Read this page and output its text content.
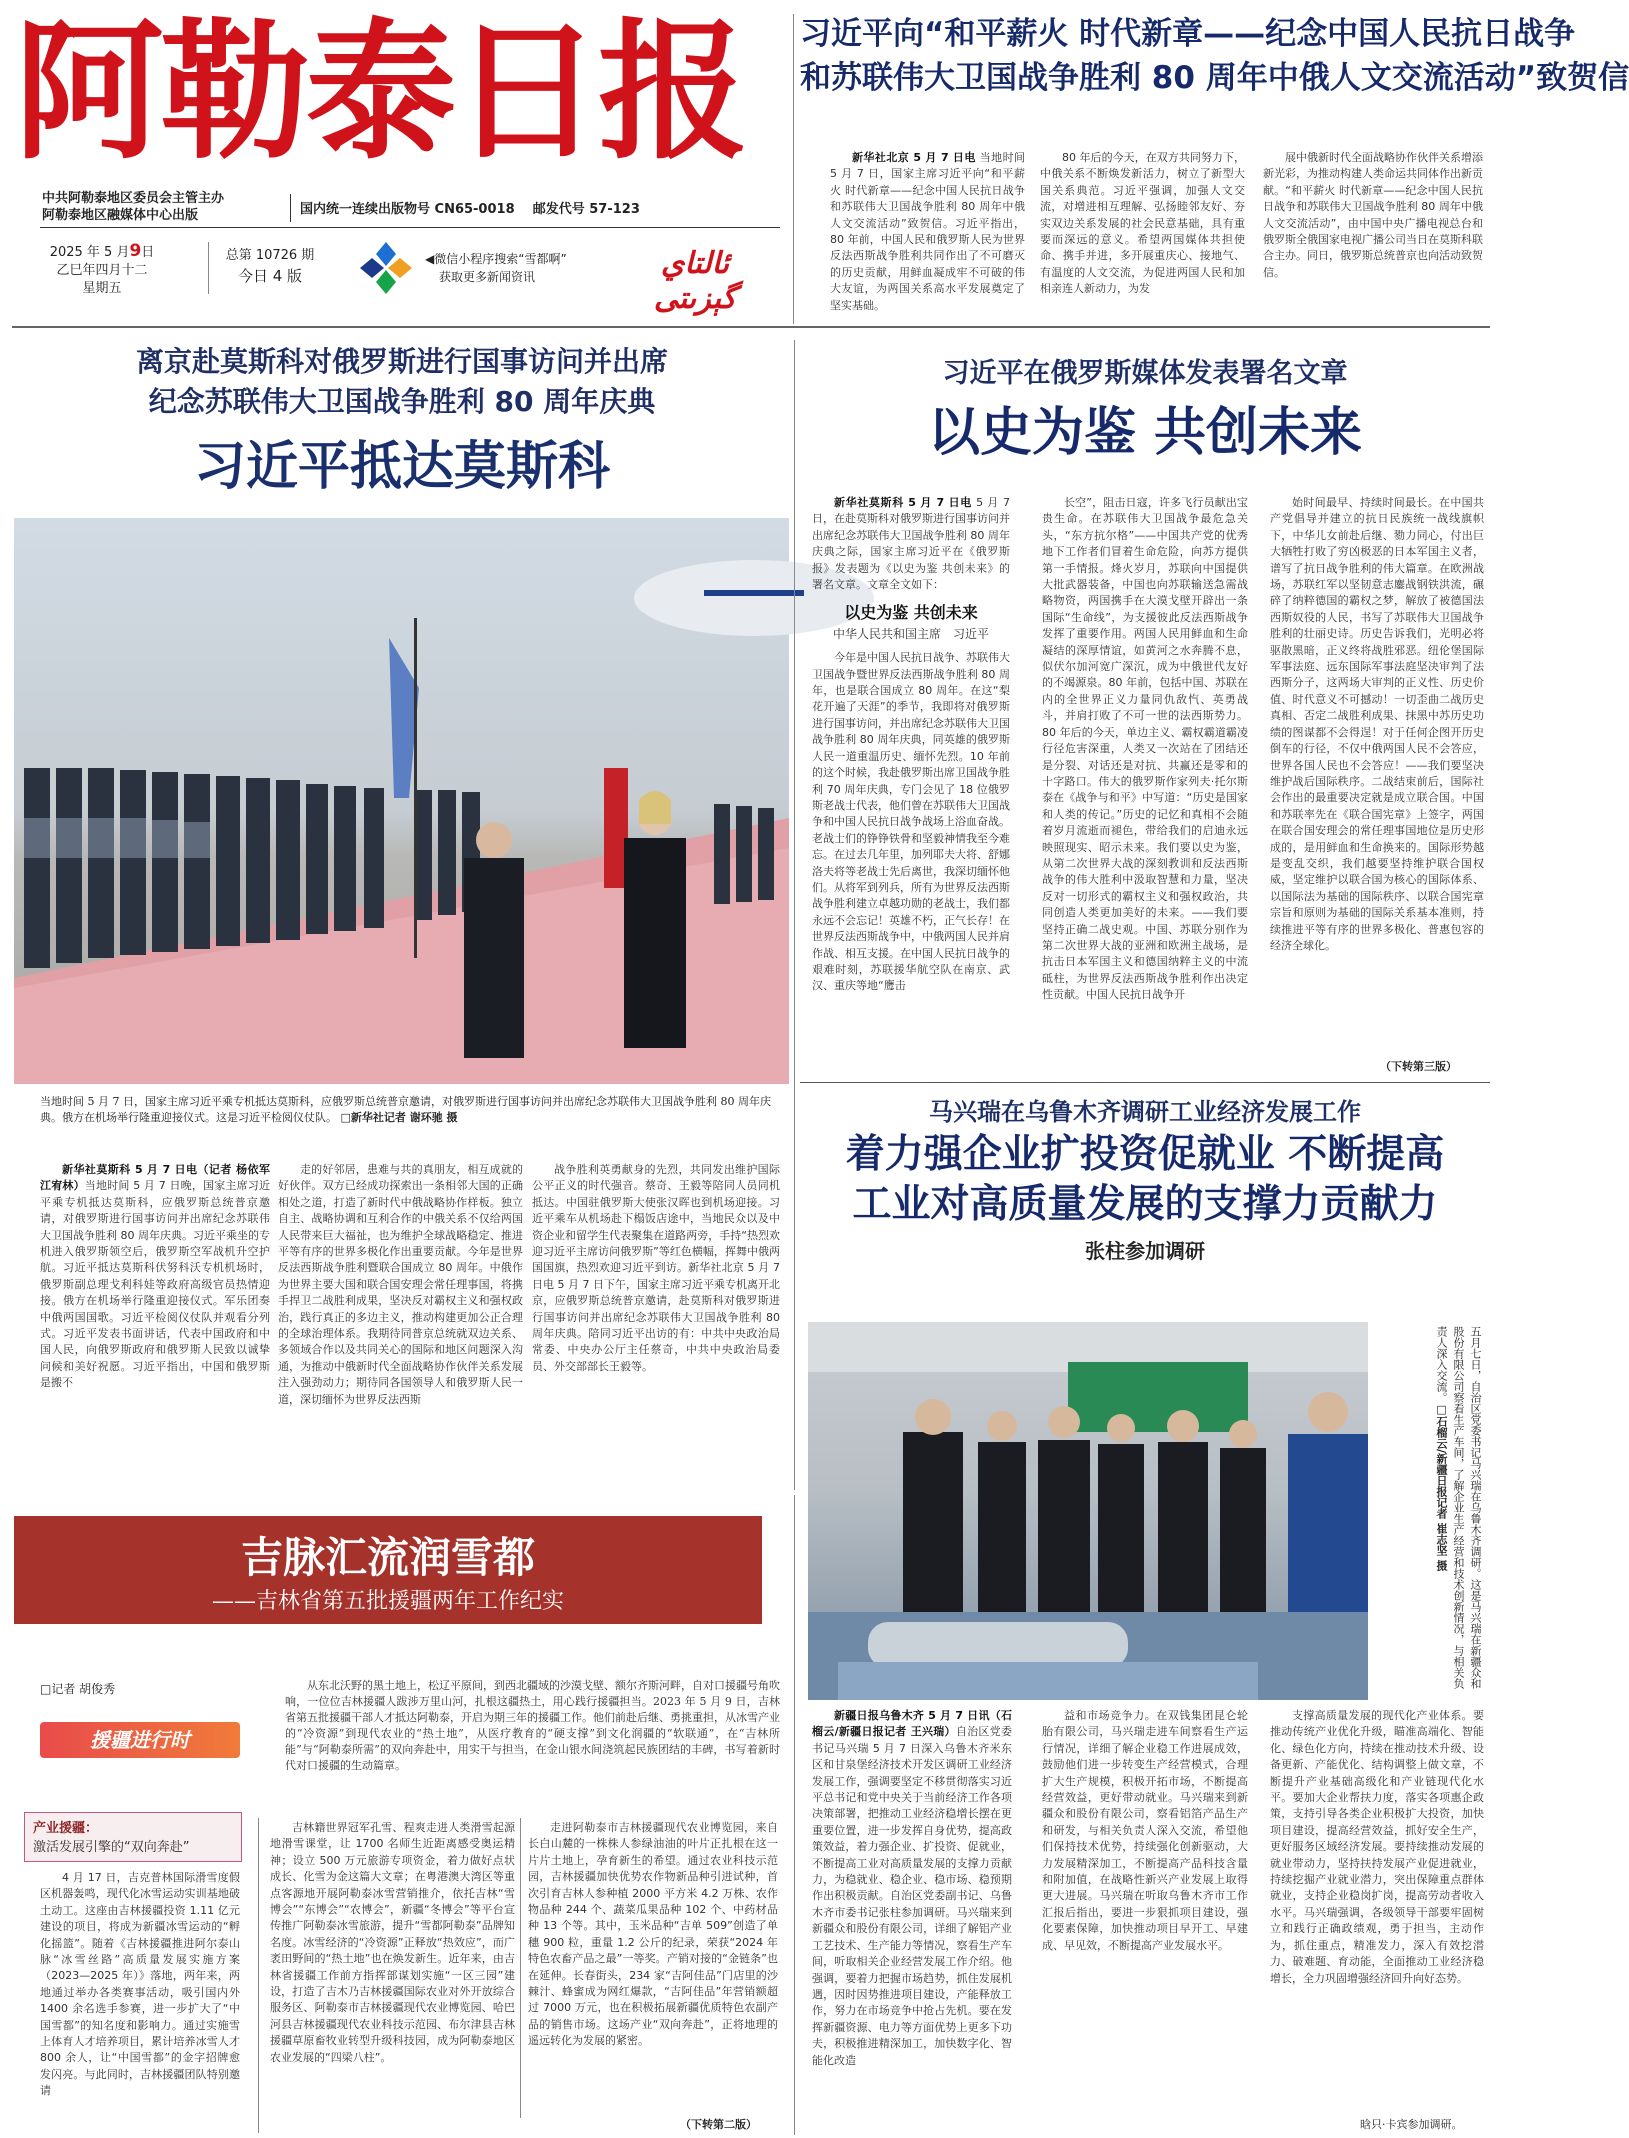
阿勒泰日报
中共阿勒泰地区委员会主管主办
阿勒泰地区融媒体中心出版	国内统一连续出版物号 CN65-0018 邮发代号 57-123
2025 年 5 月9日
乙巳年四月十二
星期五
总第 10726 期
今日 4 版
◀微信小程序搜索“雪都啊”
获取更多新闻资讯	ئالتاي گېزىتى
习近平向“和平薪火 时代新章——纪念中国人民抗日战争
和苏联伟大卫国战争胜利 80 周年中俄人文交流活动”致贺信

新华社北京 5 月 7 日电 当地时间 5 月 7 日，国家主席习近平向“和平薪火 时代新章——纪念中国人民抗日战争和苏联伟大卫国战争胜利 80 周年中俄人文交流活动”致贺信。习近平指出，80 年前，中国人民和俄罗斯人民为世界反法西斯战争胜利共同作出了不可磨灭的历史贡献，用鲜血凝成牢不可破的伟大友谊，为两国关系高水平发展奠定了坚实基础。

80 年后的今天，在双方共同努力下，中俄关系不断焕发新活力，树立了新型大国关系典范。习近平强调，加强人文交流，对增进相互理解、弘扬睦邻友好、夯实双边关系发展的社会民意基础，具有重要而深远的意义。希望两国媒体共担使命、携手并进，多开展重庆心、接地气、有温度的人文交流，为促进两国人民和加相亲连人新动力，为发

展中俄新时代全面战略协作伙伴关系增添新光彩，为推动构建人类命运共同体作出新贡献。“和平薪火 时代新章——纪念中国人民抗日战争和苏联伟大卫国战争胜利 80 周年中俄人文交流活动”，由中国中央广播电视总台和俄罗斯全俄国家电视广播公司当日在莫斯科联合主办。同日，俄罗斯总统普京也向活动致贺信。

离京赴莫斯科对俄罗斯进行国事访问并出席
纪念苏联伟大卫国战争胜利 80 周年庆典
习近平抵达莫斯科
当地时间 5 月 7 日，国家主席习近平乘专机抵达莫斯科，应俄罗斯总统普京邀请，对俄罗斯进行国事访问并出席纪念苏联伟大卫国战争胜利 80 周年庆典。俄方在机场举行隆重迎接仪式。这是习近平检阅仪仗队。 □新华社记者 谢环驰 摄

新华社莫斯科 5 月 7 日电（记者 杨依军 江宥林）当地时间 5 月 7 日晚，国家主席习近平乘专机抵达莫斯科，应俄罗斯总统普京邀请，对俄罗斯进行国事访问并出席纪念苏联伟大卫国战争胜利 80 周年庆典。习近平乘坐的专机进入俄罗斯领空后，俄罗斯空军战机升空护航。习近平抵达莫斯科伏努科沃专机机场时，俄罗斯副总理戈利科娃等政府高级官员热情迎接。俄方在机场举行隆重迎接仪式。军乐团奏中俄两国国歌。习近平检阅仪仗队并观看分列式。习近平发表书面讲话，代表中国政府和中国人民，向俄罗斯政府和俄罗斯人民致以诚挚问候和美好祝愿。习近平指出，中国和俄罗斯是搬不

走的好邻居，患难与共的真朋友，相互成就的好伙伴。双方已经成功探索出一条相邻大国的正确相处之道，打造了新时代中俄战略协作样板。独立自主、战略协调和互利合作的中俄关系不仅给两国人民带来巨大福祉，也为维护全球战略稳定、推进平等有序的世界多极化作出重要贡献。今年是世界反法西斯战争胜利暨联合国成立 80 周年。中俄作为世界主要大国和联合国安理会常任理事国，将携手捍卫二战胜利成果，坚决反对霸权主义和强权政治，践行真正的多边主义，推动构建更加公正合理的全球治理体系。我期待同普京总统就双边关系、多领域合作以及共同关心的国际和地区问题深入沟通，为推动中俄新时代全面战略协作伙伴关系发展注入强劲动力；期待同各国领导人和俄罗斯人民一道，深切缅怀为世界反法西斯

战争胜利英勇献身的先烈，共同发出维护国际公平正义的时代强音。蔡奇、王毅等陪同人员同机抵达。中国驻俄罗斯大使张汉晖也到机场迎接。习近平乘车从机场赴下榻饭店途中，当地民众以及中资企业和留学生代表聚集在道路两旁，手持“热烈欢迎习近平主席访问俄罗斯”等红色横幅，挥舞中俄两国国旗，热烈欢迎习近平到访。新华社北京 5 月 7 日电 5 月 7 日下午，国家主席习近平乘专机离开北京，应俄罗斯总统普京邀请，赴莫斯科对俄罗斯进行国事访问并出席纪念苏联伟大卫国战争胜利 80 周年庆典。陪同习近平出访的有：中共中央政治局常委、中央办公厅主任蔡奇，中共中央政治局委员、外交部部长王毅等。

习近平在俄罗斯媒体发表署名文章
以史为鉴 共创未来

新华社莫斯科 5 月 7 日电 5 月 7 日，在赴莫斯科对俄罗斯进行国事访问并出席纪念苏联伟大卫国战争胜利 80 周年庆典之际，国家主席习近平在《俄罗斯报》发表题为《以史为鉴 共创未来》的署名文章。文章全文如下：

以史为鉴 共创未来
中华人民共和国主席　习近平

今年是中国人民抗日战争、苏联伟大卫国战争暨世界反法西斯战争胜利 80 周年，也是联合国成立 80 周年。在这“梨花开遍了天涯”的季节，我即将对俄罗斯进行国事访问，并出席纪念苏联伟大卫国战争胜利 80 周年庆典，同英雄的俄罗斯人民一道重温历史、缅怀先烈。10 年前的这个时候，我赴俄罗斯出席卫国战争胜利 70 周年庆典，专门会见了 18 位俄罗斯老战士代表，他们曾在苏联伟大卫国战争和中国人民抗日战争战场上浴血奋战。老战士们的铮铮铁骨和坚毅神情我至今难忘。在过去几年里，加列耶夫大将、舒娜洛夫将等老战士先后离世，我深切缅怀他们。从将军到列兵，所有为世界反法西斯战争胜利建立卓越功勋的老战士，我们都永远不会忘记！英雄不朽，正气长存！在世界反法西斯战争中，中俄两国人民并肩作战、相互支援。在中国人民抗日战争的艰难时刻，苏联援华航空队在南京、武汉、重庆等地“鹰击

长空”，阻击日寇，许多飞行员献出宝贵生命。在苏联伟大卫国战争最危急关头，“东方抗尔格”——中国共产党的优秀地下工作者们冒着生命危险，向苏方提供第一手情报。烽火岁月，苏联向中国提供大批武器装备，中国也向苏联输送急需战略物资，两国携手在大漠戈壁开辟出一条国际“生命线”，为支援彼此反法西斯战争发挥了重要作用。两国人民用鲜血和生命凝结的深厚情谊，如黄河之水奔腾不息，似伏尔加河宽广深沉，成为中俄世代友好的不竭源泉。80 年前，包括中国、苏联在内的全世界正义力量同仇敌忾、英勇战斗，并肩打败了不可一世的法西斯势力。80 年后的今天，单边主义、霸权霸道霸凌行径危害深重，人类又一次站在了团结还是分裂、对话还是对抗、共赢还是零和的十字路口。伟大的俄罗斯作家列夫·托尔斯泰在《战争与和平》中写道：“历史是国家和人类的传记。”历史的记忆和真相不会随着岁月流逝而褪色，带给我们的启迪永远映照现实、昭示未来。我们要以史为鉴，从第二次世界大战的深刻教训和反法西斯战争的伟大胜利中汲取智慧和力量，坚决反对一切形式的霸权主义和强权政治，共同创造人类更加美好的未来。——我们要坚持正确二战史观。中国、苏联分别作为第二次世界大战的亚洲和欧洲主战场，是抗击日本军国主义和德国纳粹主义的中流砥柱，为世界反法西斯战争胜利作出决定性贡献。中国人民抗日战争开

始时间最早、持续时间最长。在中国共产党倡导并建立的抗日民族统一战线旗帜下，中华儿女前赴后继、勠力同心，付出巨大牺牲打败了穷凶极恶的日本军国主义者，谱写了抗日战争胜利的伟大篇章。在欧洲战场，苏联红军以坚韧意志鏖战钢铁洪流，碾碎了纳粹德国的霸权之梦，解放了被德国法西斯奴役的人民，书写了苏联伟大卫国战争胜利的壮丽史诗。历史告诉我们，光明必将驱散黑暗，正义终将战胜邪恶。纽伦堡国际军事法庭、远东国际军事法庭坚决审判了法西斯分子，这两场大审判的正义性、历史价值、时代意义不可撼动！一切歪曲二战历史真相、否定二战胜利成果、抹黑中苏历史功绩的图谋都不会得逞！对于任何企图开历史倒车的行径，不仅中俄两国人民不会答应，世界各国人民也不会答应！——我们要坚决维护战后国际秩序。二战结束前后，国际社会作出的最重要决定就是成立联合国。中国和苏联率先在《联合国宪章》上签字，两国在联合国安理会的常任理事国地位是历史形成的，是用鲜血和生命换来的。国际形势越是变乱交织，我们越要坚持维护联合国权威，坚定维护以联合国为核心的国际体系、以国际法为基础的国际秩序、以联合国宪章宗旨和原则为基础的国际关系基本准则，持续推进平等有序的世界多极化、普惠包容的经济全球化。

（下转第三版）
马兴瑞在乌鲁木齐调研工业经济发展工作
着力强企业扩投资促就业 不断提高
工业对高质量发展的支撑力贡献力
张柱参加调研
五月七日，自治区党委书记马兴瑞在乌鲁木齐调研。这是马兴瑞在新疆众和股份有限公司察看生产车间，了解企业生产经营和技术创新情况，与相关负责人深入交流。□石榴云/新疆日报记者 崔志坚 摄

新疆日报乌鲁木齐 5 月 7 日讯（石榴云/新疆日报记者 王兴瑞）自治区党委书记马兴瑞 5 月 7 日深入乌鲁木齐米东区和甘泉堡经济技术开发区调研工业经济发展工作，强调要坚定不移贯彻落实习近平总书记和党中央关于当前经济工作各项决策部署，把推动工业经济稳增长摆在更重要位置，进一步发挥自身优势，提高政策效益，着力强企业、扩投资、促就业，不断提高工业对高质量发展的支撑力贡献力，为稳就业、稳企业、稳市场、稳预期作出积极贡献。自治区党委副书记、乌鲁木齐市委书记张柱参加调研。马兴瑞来到新疆众和股份有限公司，详细了解铝产业工艺技术、生产能力等情况，察看生产车间，听取相关企业经营发展工作介绍。他强调，要着力把握市场趋势，抓住发展机遇，因时因势推进项目建设，产能释放工作，努力在市场竞争中抢占先机。要在发挥新疆资源、电力等方面优势上更多下功夫，积极推进精深加工，加快数字化、智能化改造

益和市场竞争力。在双钱集团昆仑轮胎有限公司，马兴瑞走进车间察看生产运行情况，详细了解企业稳工作进展成效，鼓励他们进一步转变生产经营模式，合理扩大生产规模，积极开拓市场，不断提高经营效益，更好带动就业。马兴瑞来到新疆众和股份有限公司，察看铝箔产品生产和研发，与相关负责人深入交流，希望他们保持技术优势，持续强化创新驱动，大力发展精深加工，不断提高产品科技含量和附加值，在战略性新兴产业发展上取得更大进展。马兴瑞在听取乌鲁木齐市工作汇报后指出，要进一步狠抓项目建设，强化要素保障，加快推动项目早开工、早建成、早见效，不断提高产业发展水平。

支撑高质量发展的现代化产业体系。要推动传统产业优化升级，瞄准高端化、智能化、绿色化方向，持续在推动技术升级、设备更新、产能优化、结构调整上做文章，不断提升产业基础高级化和产业链现代化水平。要加大企业帮扶力度，落实各项惠企政策，支持引导各类企业积极扩大投资，加快项目建设，提高经营效益，抓好安全生产，更好服务区域经济发展。要持续推动发展的就业带动力，坚持扶持发展产业促进就业，持续挖掘产业就业潜力，突出保障重点群体就业，支持企业稳岗扩岗，提高劳动者收入水平。马兴瑞强调，各级领导干部要牢固树立和践行正确政绩观，勇于担当，主动作为，抓住重点，精准发力，深入有效挖潜力、破难题、育动能，全面推动工业经济稳增长，全力巩固增强经济回升向好态势。

晗只·卡宾参加调研。
吉脉汇流润雪都
——吉林省第五批援疆两年工作纪实
□记者 胡俊秀
援疆进行时

从东北沃野的黑土地上，松辽平原间，到西北疆域的沙漠戈壁、额尔齐斯河畔，自对口援疆号角吹响，一位位吉林援疆人跋涉万里山河，扎根这疆热土，用心践行援疆担当。2023 年 5 月 9 日，吉林省第五批援疆干部人才抵达阿勒泰，开启为期三年的援疆工作。他们前赴后继、勇挑重担，从冰雪产业的“冷资源”到现代农业的“热土地”，从医疗教育的“硬支撑”到文化润疆的“软联通”，在“吉林所能”与“阿勒泰所需”的双向奔赴中，用实干与担当，在金山银水间浇筑起民族团结的丰碑，书写着新时代对口援疆的生动篇章。

产业援疆：
激活发展引擎的“双向奔赴”

4 月 17 日，吉克普林国际滑雪度假区机器轰鸣，现代化冰雪运动实训基地破土动工。这座由吉林援疆投资 1.11 亿元建设的项目，将成为新疆冰雪运动的“孵化摇篮”。随着《吉林援疆推进阿尔泰山脉“冰雪丝路”高质量发展实施方案（2023—2025 年）》落地，两年来，两地通过举办各类赛事活动，吸引国内外 1400 余名选手参赛，进一步扩大了“中国雪都”的知名度和影响力。通过实施雪上体育人才培养项目，累计培养冰雪人才 800 余人，让“中国雪都”的金字招牌愈发闪亮。与此同时，吉林援疆团队特别邀请

吉林籍世界冠军孔雪、程爽走进人类滑雪起源地滑雪课堂，让 1700 名师生近距离感受奥运精神；设立 500 万元旅游专项资金，着力做好点状成长、化雪为金这篇大文章；在粤港澳大湾区等重点客源地开展阿勒泰冰雪营销推介，依托吉林“雪博会”“东博会”“农博会”，新疆“冬博会”等平台宣传推广阿勒泰冰雪旅游，提升“雪都阿勒泰”品牌知名度。冰雪经济的“冷资源”正释放“热效应”，而广袤田野间的“热土地”也在焕发新生。近年来，由吉林省援疆工作前方指挥部谋划实施“一区三园”建设，打造了吉木乃吉林援疆国际农业对外开放综合服务区、阿勒泰市吉林援疆现代农业博览园、哈巴河县吉林援疆现代农业科技示范园、布尔津县吉林援疆草原畜牧业转型升级科技园，成为阿勒泰地区农业发展的“四梁八柱”。

走进阿勒泰市吉林援疆现代农业博览园，来自长白山麓的一株株人参绿油油的叶片正扎根在这一片片土地上，孕育新生的希望。通过农业科技示范园，吉林援疆加快优势农作物新品种引进试种，首次引育吉林人参种植 2000 平方米 4.2 万株、农作物品种 244 个、蔬菜瓜果品种 102 个、中药材品种 13 个等。其中，玉米品种“吉单 509”创造了单穗 900 粒，重量 1.2 公斤的纪录，荣获“2024 年特色农畜产品之最”一等奖。产销对接的“金链条”也在延伸。长春街头，234 家“吉阿佳品”门店里的沙棘汁、蜂蜜成为网红爆款，“吉阿佳品”年营销额超过 7000 万元，也在积极拓展新疆优质特色农副产品的销售市场。这场产业“双向奔赴”，正将地理的遥远转化为发展的紧密。

（下转第二版）
